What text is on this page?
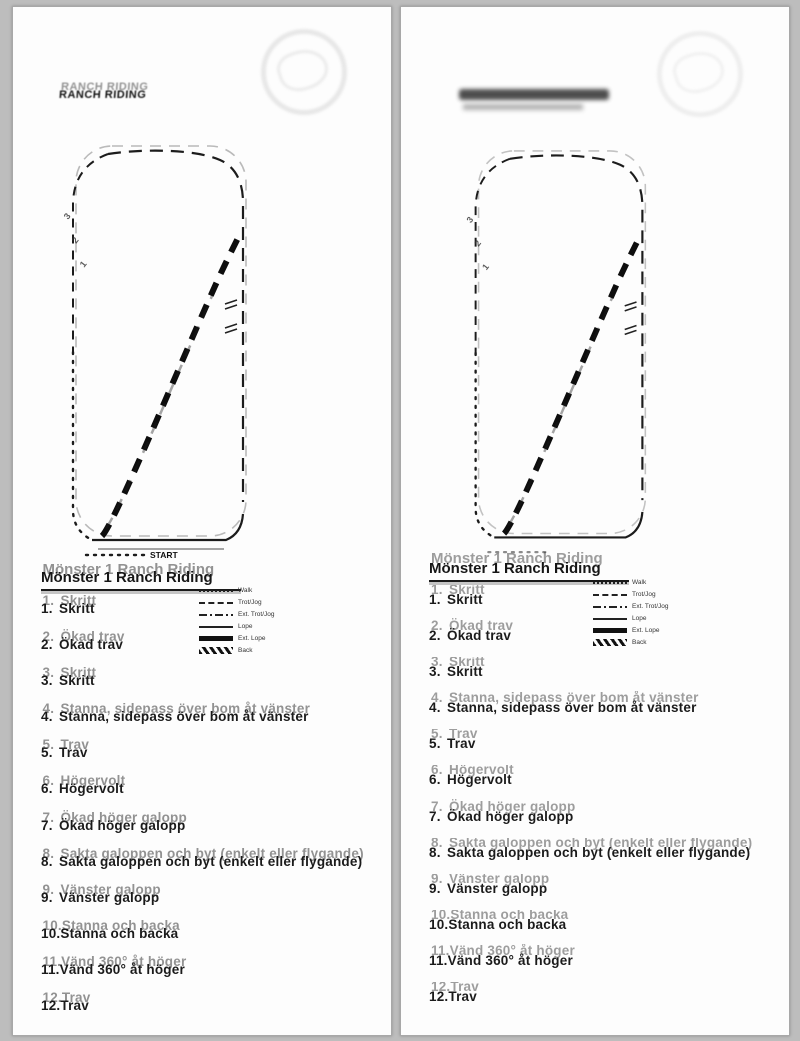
RANCH RIDING
3
2
1
START
Mönster 1 Ranch Riding
Walk
Trot/Jog
Ext. Trot/Jog
Lope
Ext. Lope
Back
1. Skritt
2. Ökad trav
3. Skritt
4. Stanna, sidepass över bom åt vänster
5. Trav
6. Högervolt
7. Ökad höger galopp
8. Sakta galoppen och byt (enkelt eller flygande)
9. Vänster galopp
10.Stanna och backa
11.Vänd 360° åt höger
12.Trav
3
2
1
Mönster 1 Ranch Riding
Walk
Trot/Jog
Ext. Trot/Jog
Lope
Ext. Lope
Back
1. Skritt
2. Ökad trav
3. Skritt
4. Stanna, sidepass över bom åt vänster
5. Trav
6. Högervolt
7. Ökad höger galopp
8. Sakta galoppen och byt (enkelt eller flygande)
9. Vänster galopp
10.Stanna och backa
11.Vänd 360° åt höger
12.Trav
